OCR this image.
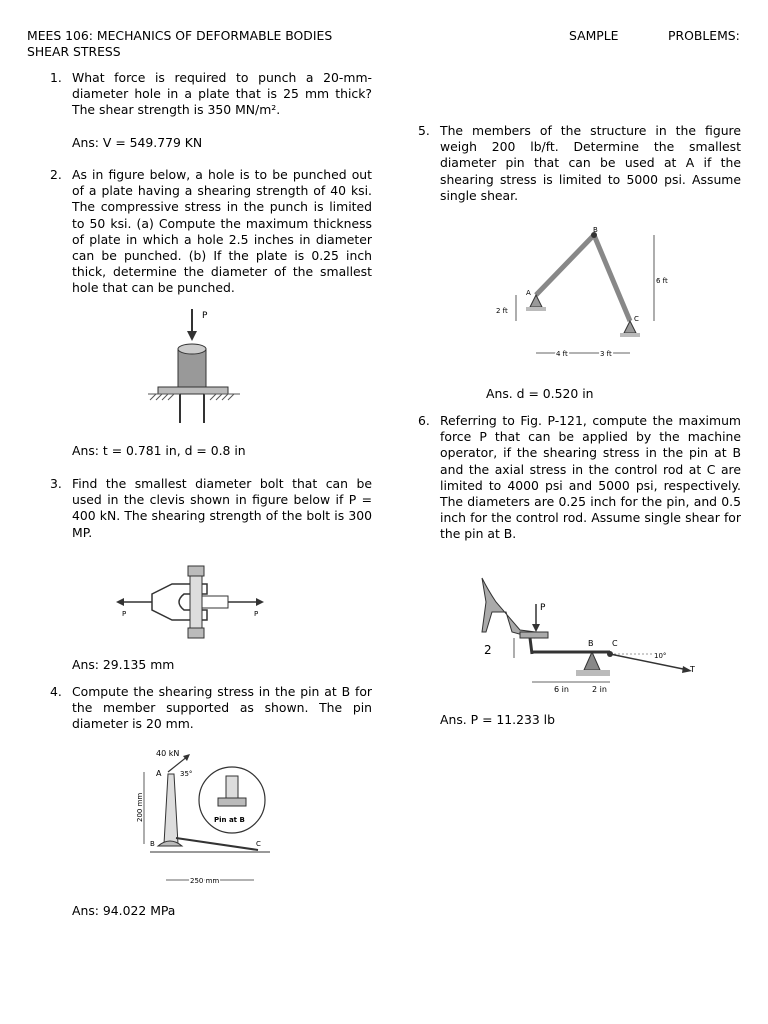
MEES 106: MECHANICS OF DEFORMABLE BODIES	SAMPLE	PROBLEMS:
SHEAR STRESS
1. What force is required to punch a 20-mm-diameter hole in a plate that is 25 mm thick? The shear strength is 350 MN/m².
Ans: V = 549.779 KN
2. As in figure below, a hole is to be punched out of a plate having a shearing strength of 40 ksi. The compressive stress in the punch is limited to 50 ksi. (a) Compute the maximum thickness of plate in which a hole 2.5 inches in diameter can be punched. (b) If the plate is 0.25 inch thick, determine the diameter of the smallest hole that can be punched.
P
Ans: t = 0.781 in, d = 0.8 in
3. Find the smallest diameter bolt that can be used in the clevis shown in figure below if P = 400 kN. The shearing strength of the bolt is 300 MP.
P	P
Ans: 29.135 mm
4. Compute the shearing stress in the pin at B for the member supported as shown. The pin diameter is 20 mm.
40 kN
A	35°
200 mm
B	C
250 mm
Pin at B
Ans: 94.022 MPa
5. The members of the structure in the figure weigh 200 lb/ft. Determine the smallest diameter pin that can be used at A if the shearing stress is limited to 5000 psi. Assume single shear.
B
A
C
2 ft
6 ft
4 ft	3 ft
Ans. d = 0.520 in
6. Referring to Fig. P-121, compute the maximum force P that can be applied by the machine operator, if the shearing stress in the pin at B and the axial stress in the control rod at C are limited to 4000 psi and 5000 psi, respectively. The diameters are 0.25 inch for the pin, and 0.5 inch for the control rod. Assume single shear for the pin at B.
P
2	B C
T
10°
6 in	2 in
Ans. P = 11.233 lb
